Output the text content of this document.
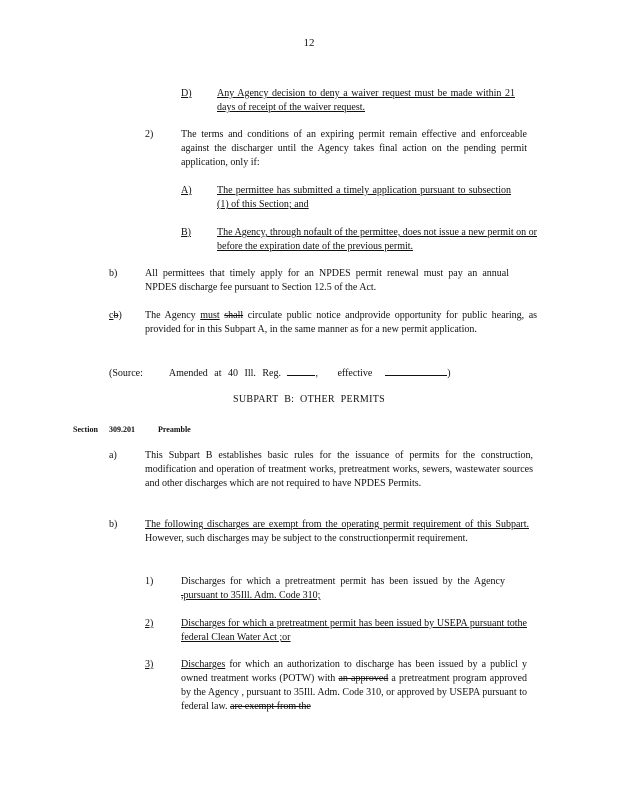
12
D)	Any Agency decision to deny a waiver request must be made within 21 days of receipt of the waiver request.
2)	The terms and conditions of an expiring permit remain effective and enforceable against the discharger until the Agency takes final action on the pending permit application, only if:
A)	The permittee has submitted a timely application pursuant to subsection (1) of this Section; and
B)	The Agency, through nofault of the permittee, does not issue a new permit on or before the expiration date of the previous permit.
b)	All permittees that timely apply for an NPDES permit renewal must pay an annual NPDES discharge fee pursuant to Section 12.5 of the Act.
cb) The Agency must shall circulate public notice andprovide opportunity for public hearing, as provided for in this Subpart A, in the same manner as for a new permit application.
(Source:	Amended at 40 Ill. Reg.	,   effective	)
SUBPART B: OTHER PERMITS
Section 309.201	Preamble
a)	This Subpart B establishes basic rules for the issuance of permits for the construction, modification and operation of treatment works, pretreatment works, sewers, wastewater sources and other discharges which are not required to have NPDES Permits.
b)	The following discharges are exempt from the operating permit requirement of this Subpart. However, such discharges may be subject to the constructionpermit requirement.
1)	Discharges for which a pretreatment permit has been issued by the Agency ,pursuant to 35Ill. Adm. Code 310;
2)	Discharges for which a pretreatment permit has been issued by USEPA pursuant tothe federal Clean Water Act ;or
3)	Discharges for which an authorization to discharge has been issued by a publicl y owned treatment works (POTW) with an approved a pretreatment program approved by the Agency , pursuant to 35Ill. Adm. Code 310, or approved by USEPA pursuant to federal law. are exempt from the
